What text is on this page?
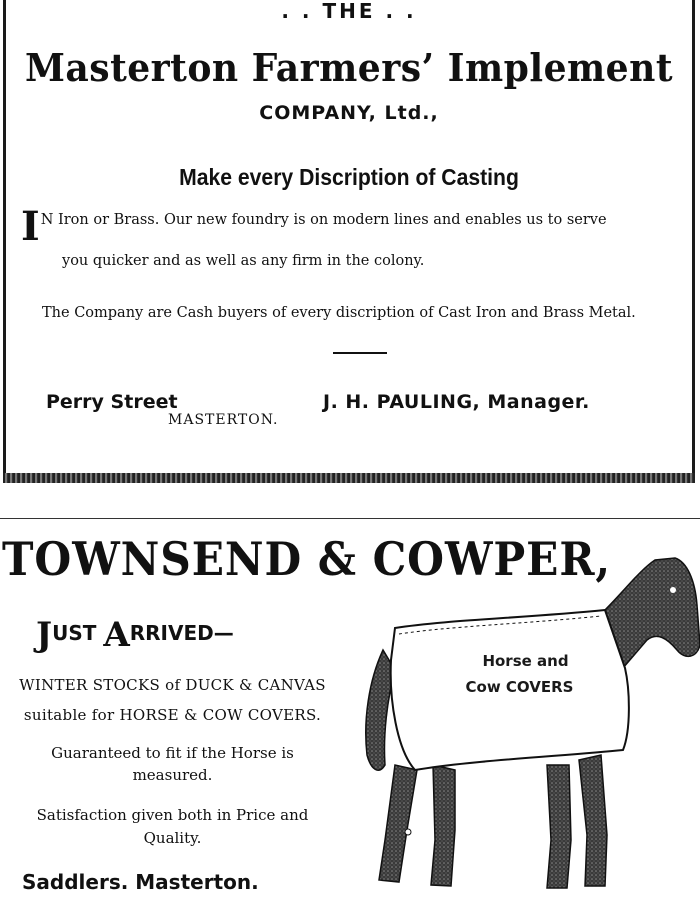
. . THE . .
Masterton Farmers’ Implement
COMPANY, Ltd.,
Make every Discription of Casting
IN Iron or Brass. Our new foundry is on modern lines and enables us to serve
you quicker and as well as any firm in the colony.
The Company are Cash buyers of every discription of Cast Iron and Brass Metal.
Perry Street
MASTERTON.
J. H. PAULING, Manager.
TOWNSEND & COWPER,
JUST ARRIVED—
WINTER STOCKS of DUCK & CANVAS
suitable for HORSE & COW COVERS.
Guaranteed to fit if the Horse is
measured.
Satisfaction given both in Price and
Quality.
Saddlers. Masterton.
Horse and
Cow COVERS
